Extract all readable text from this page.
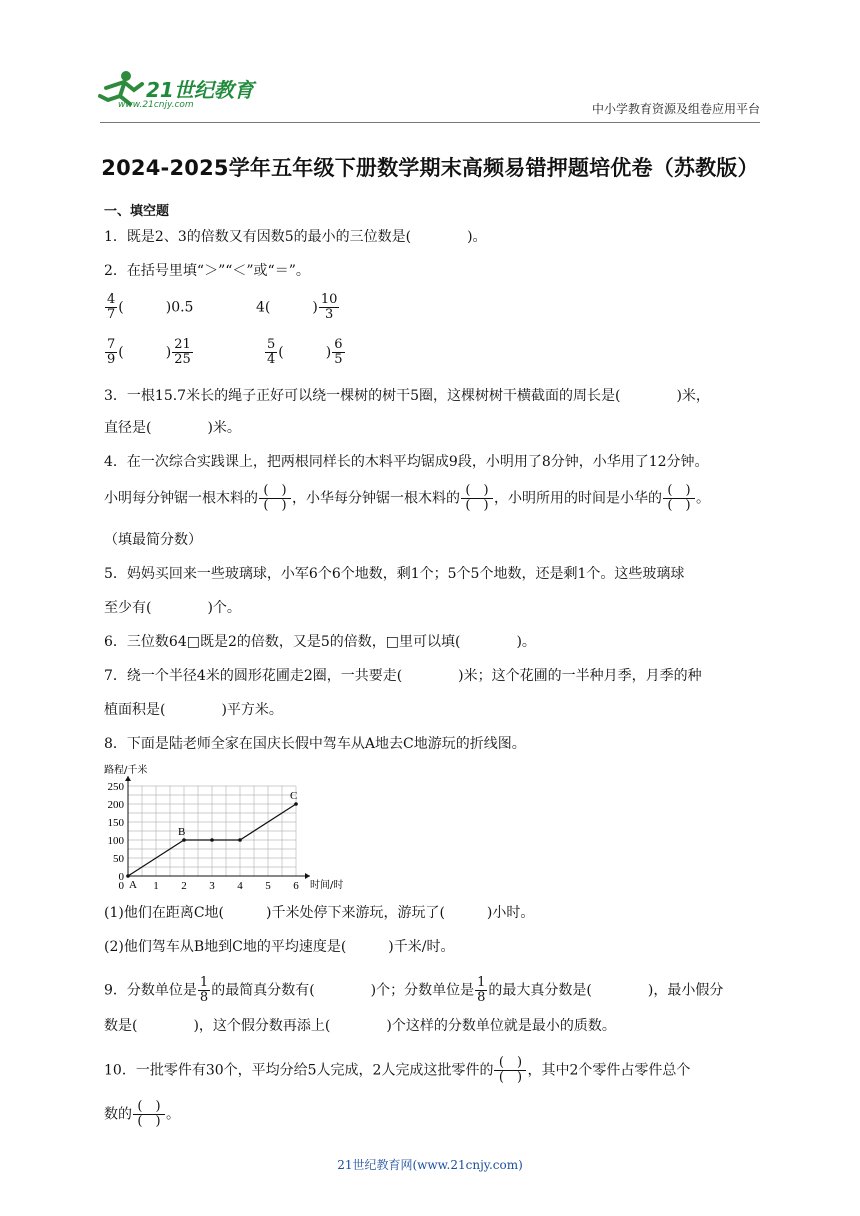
21世纪教育
www.21cnjy.com	中小学教育资源及组卷应用平台
2024-2025学年五年级下册数学期末高频易错押题培优卷（苏教版）
一、填空题
1．既是2、3的倍数又有因数5的最小的三位数是(　　　　)。
2．在括号里填“＞”“＜”或“＝”。
$\frac{4}{7}$ (　　　)0.5	4(　　　) $\frac{10}{3}$
$\frac{7}{9}$ (　　　) $\frac{21}{25}$	$\frac{5}{4}$ (　　　) $\frac{6}{5}$
3．一根15.7米长的绳子正好可以绕一棵树的树干5圈，这棵树树干横截面的周长是(　　　　)米，
直径是(　　　　)米。
4．在一次综合实践课上，把两根同样长的木料平均锯成9段，小明用了8分钟，小华用了12分钟。
小明每分钟锯一根木料的 $\frac{( )}{( )}$ ，小华每分钟锯一根木料的 $\frac{( )}{( )}$ ，小明所用的时间是小华的 $\frac{( )}{( )}$ 。
（填最简分数）
5．妈妈买回来一些玻璃球，小军6个6个地数，剩1个；5个5个地数，还是剩1个。这些玻璃球
至少有(　　　　)个。
6．三位数64□既是2的倍数，又是5的倍数，□里可以填(　　　　)。
7．绕一个半径4米的圆形花圃走2圈，一共要走(　　　　)米；这个花圃的一半种月季，月季的种
植面积是(　　　　)平方米。
8．下面是陆老师全家在国庆长假中驾车从A地去C地游玩的折线图。
路程/千米
时间/时
0
50
100
150
200
250
1 2 3 4 5 6
0 A
B
C
(1)他们在距离C地(　　　)千米处停下来游玩，游玩了(　　　)小时。
(2)他们驾车从B地到C地的平均速度是(　　　)千米/时。
9．分数单位是 $\frac{1}{8}$ 的最简真分数有(　　　　)个；分数单位是 $\frac{1}{8}$ 的最大真分数是(　　　　)，最小假分
数是(　　　　)，这个假分数再添上(　　　　)个这样的分数单位就是最小的质数。
10．一批零件有30个，平均分给5人完成，2人完成这批零件的 $\frac{( )}{( )}$ ，其中2个零件占零件总个
数的 $\frac{( )}{( )}$ 。
21世纪教育网(www.21cnjy.com)
